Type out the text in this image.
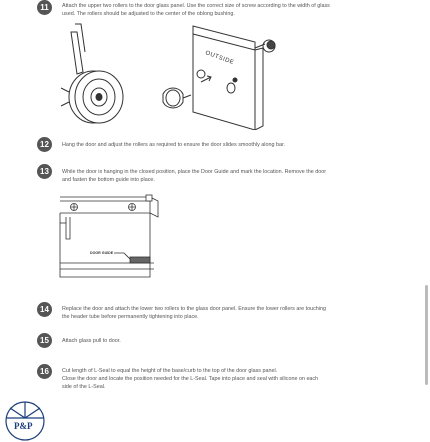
11	Attach the upper two rollers to the door glass panel. Use the correct size of screw according to the width of glass
used. The rollers should be adjusted to the center of the oblong bushing.
OUTSIDE
12	Hang the door and adjust the rollers as required to ensure the door slides smoothly along bar.
13	While the door is hanging in the closed position, place the Door Guide and mark the location. Remove the door
and fasten the bottom guide into place.
DOOR GUIDE
14	Replace the door and attach the lower two rollers to the glass door panel. Ensure the lower rollers are touching
the header tube before permanently tightening into place.
15	Attach glass pull to door.
16	Cut length of L-Seal to equal the height of the base/curb to the top of the door glass panel.
Close the door and locate the position needed for the L-Seal. Tape into place and seal with silicone on each
side of the L-Seal.
P&P
